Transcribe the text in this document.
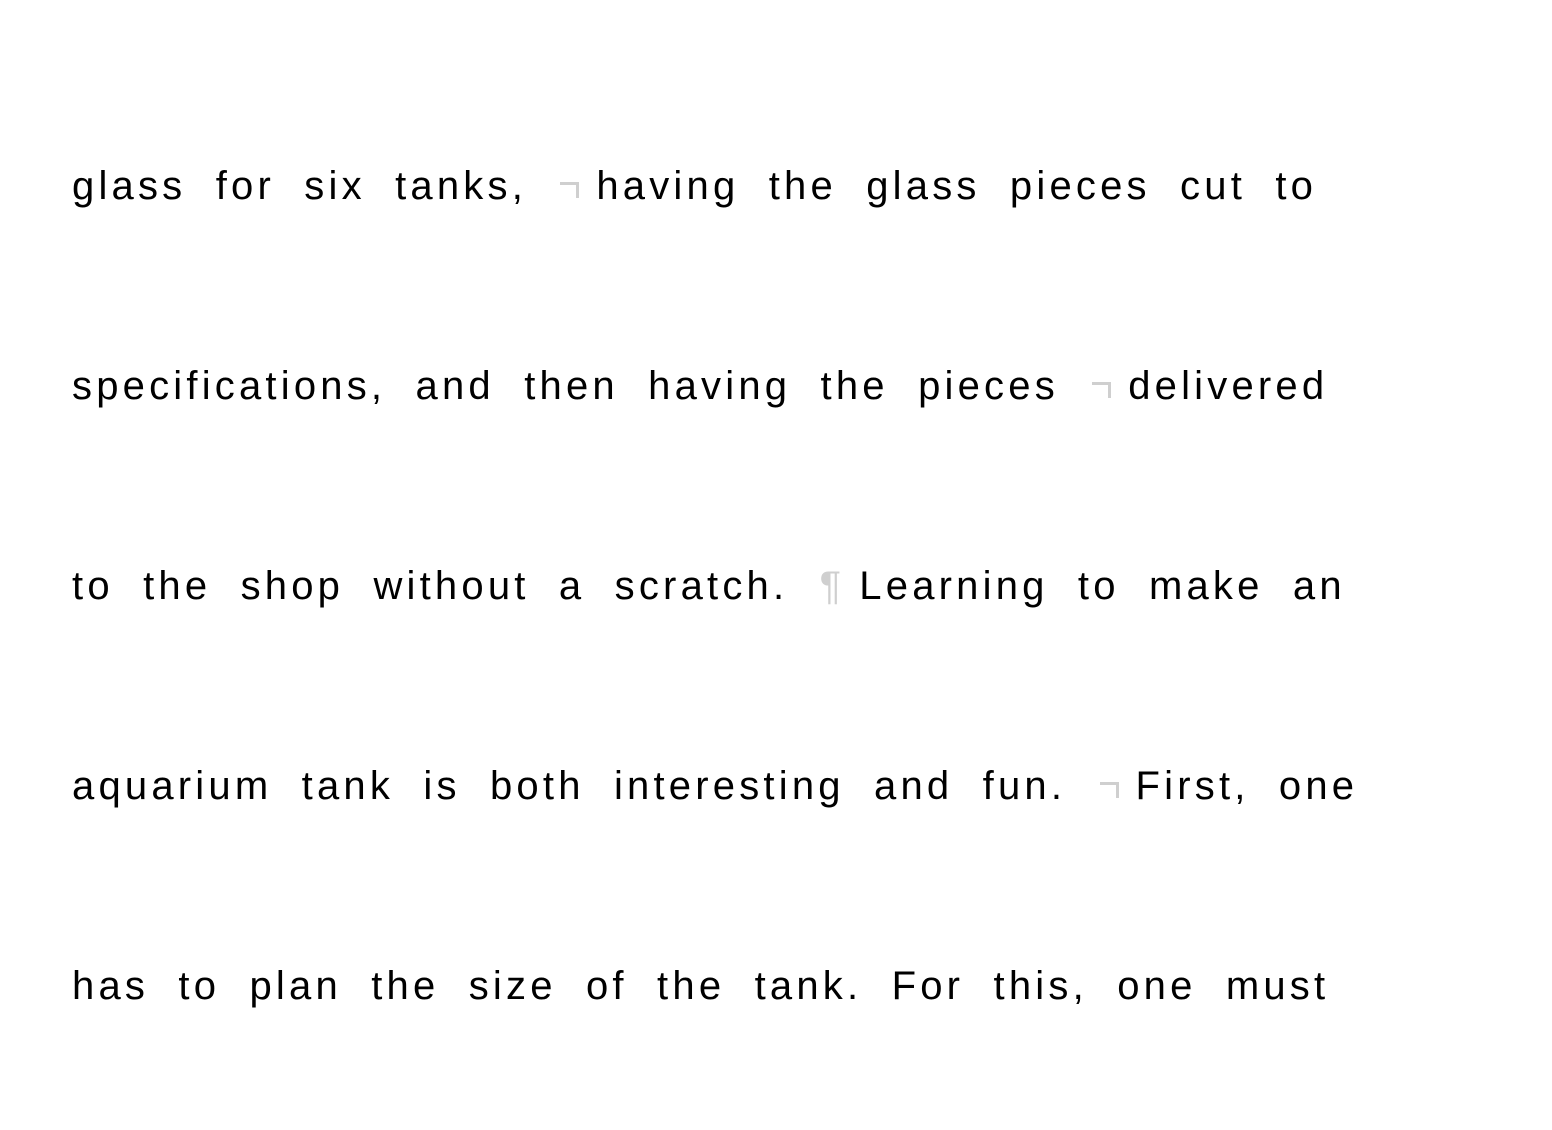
glass for six tanks, having the glass pieces cut to
specifications, and then having the pieces delivered
to the shop without a scratch. ¶ Learning to make an
aquarium tank is both interesting and fun. First, one
has to plan the size of the tank. For this, one must
